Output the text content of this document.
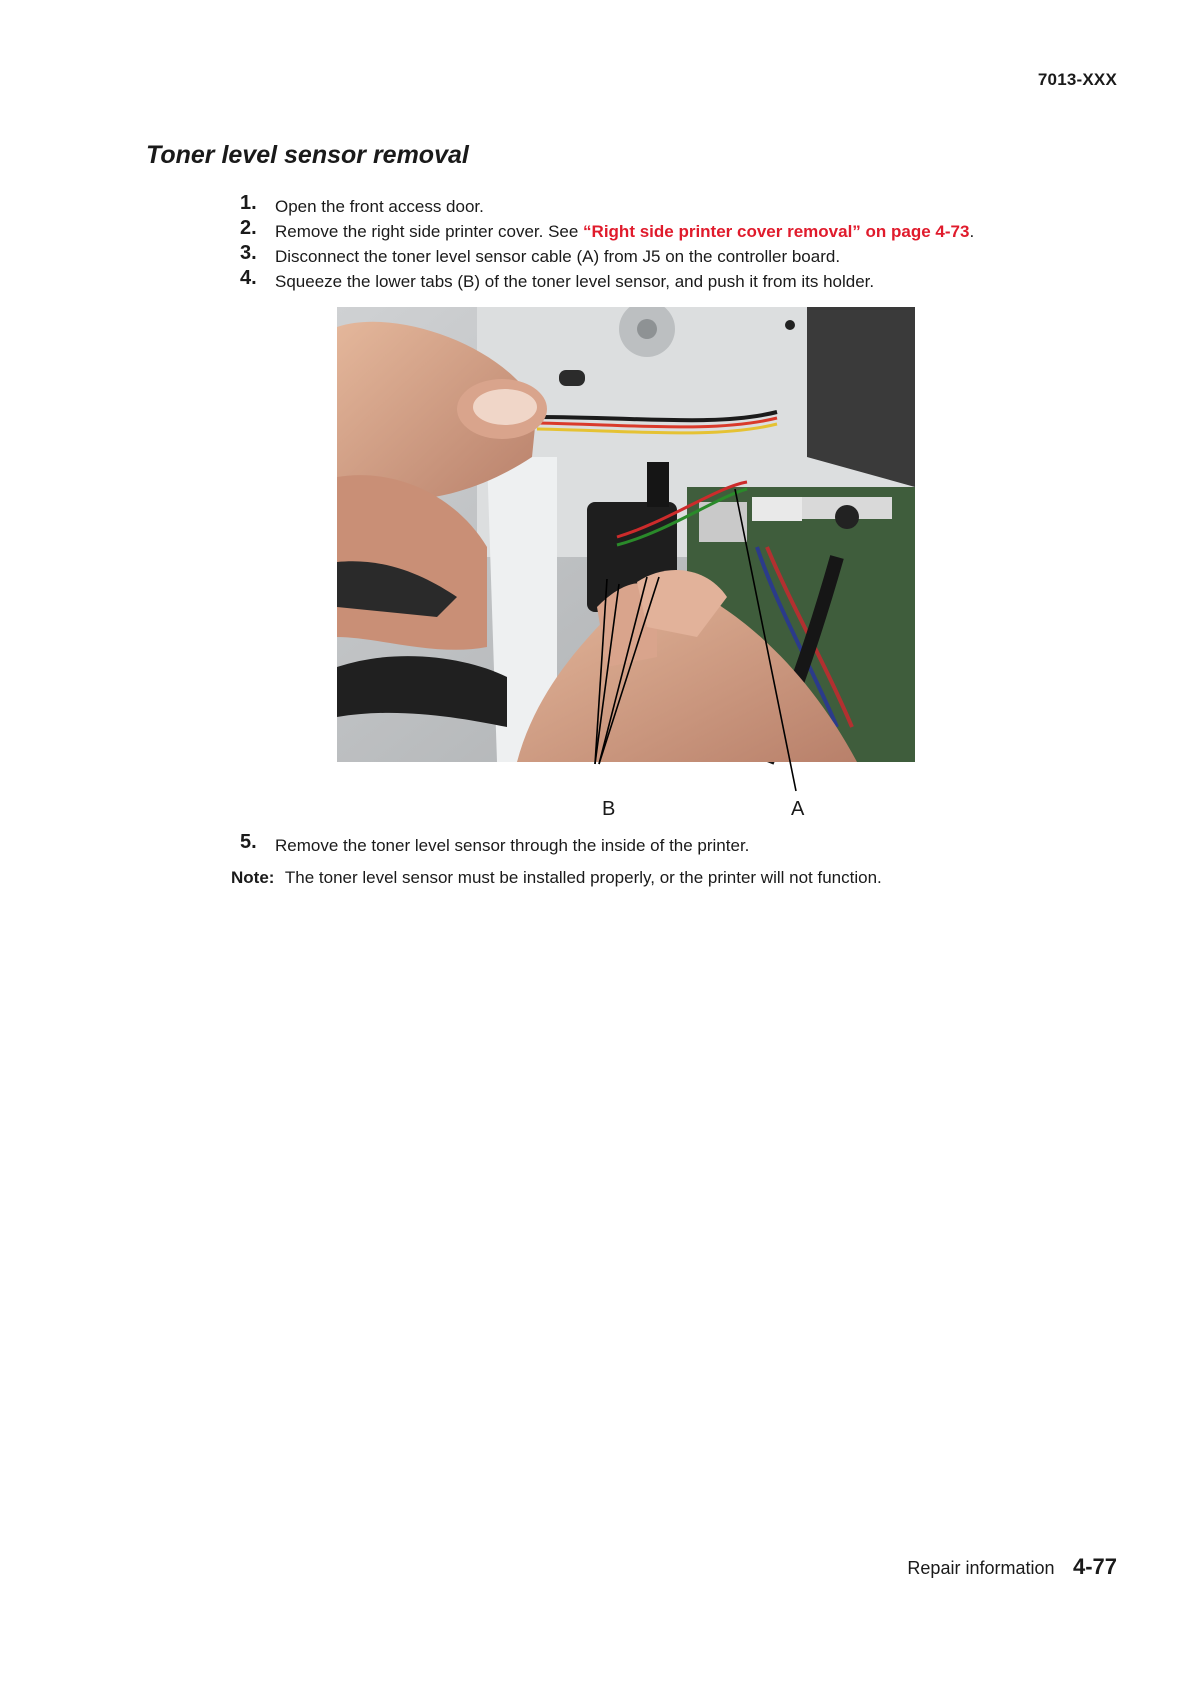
7013-XXX
Toner level sensor removal
1. Open the front access door.
2. Remove the right side printer cover. See “Right side printer cover removal” on page 4-73.
3. Disconnect the toner level sensor cable (A) from J5 on the controller board.
4. Squeeze the lower tabs (B) of the toner level sensor, and push it from its holder.
B	A
5. Remove the toner level sensor through the inside of the printer.
Note: The toner level sensor must be installed properly, or the printer will not function.
Repair information 4-77
